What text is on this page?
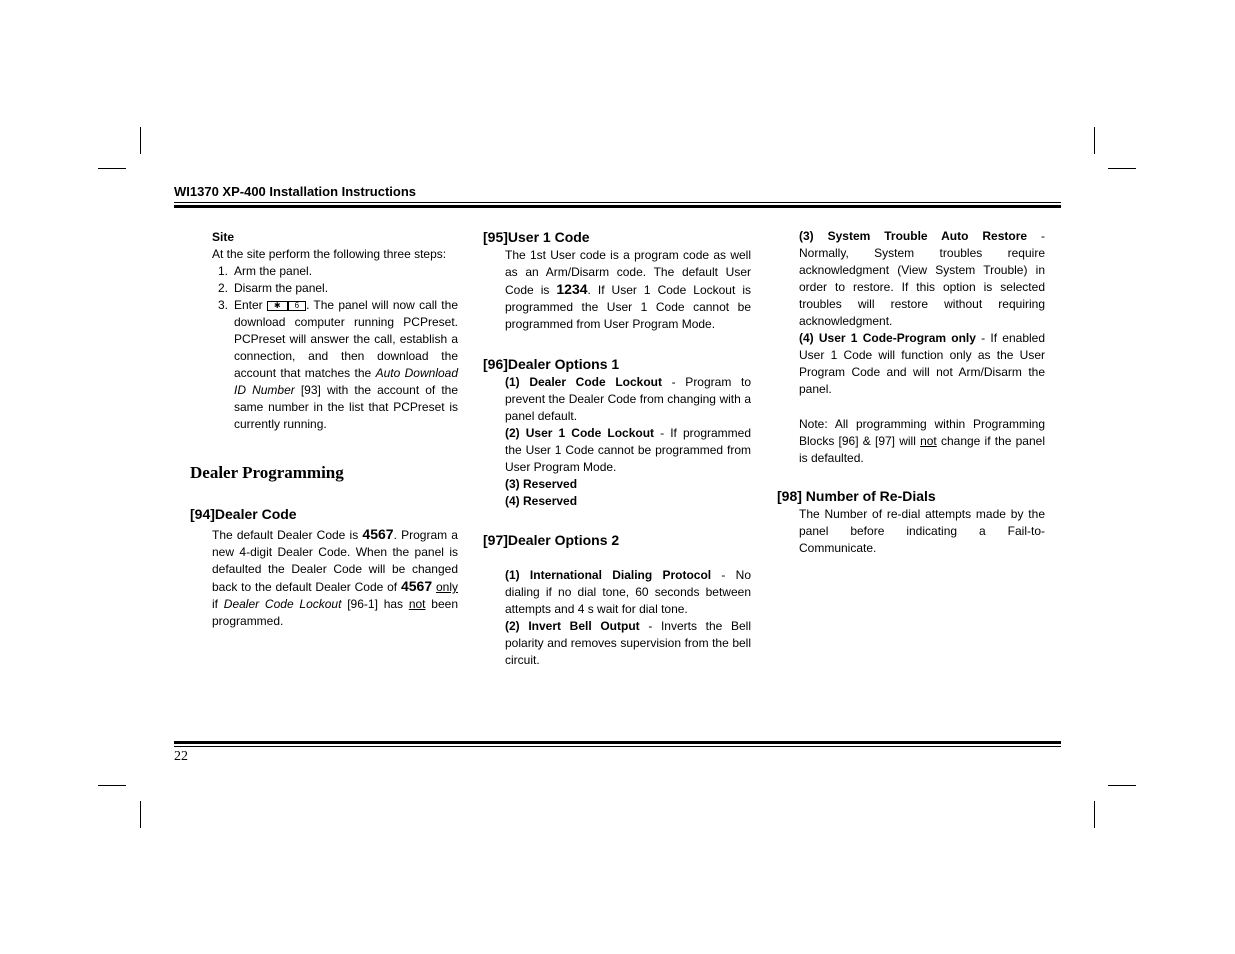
WI1370 XP-400 Installation Instructions
Site
At the site perform the following three steps:
1. Arm the panel.
2. Disarm the panel.
3. Enter ✱ 6 . The panel will now call the download computer running PCPreset. PCPreset will answer the call, establish a connection, and then download the account that matches the Auto Download ID Number [93] with the account of the same number in the list that PCPreset is currently running.
Dealer Programming
[94]Dealer Code
The default Dealer Code is 4567. Program a new 4-digit Dealer Code. When the panel is defaulted the Dealer Code will be changed back to the default Dealer Code of 4567 only if Dealer Code Lockout [96-1] has not been programmed.
[95]User 1 Code
The 1st User code is a program code as well as an Arm/Disarm code. The default User Code is 1234. If User 1 Code Lockout is programmed the User 1 Code cannot be programmed from User Program Mode.
[96]Dealer Options 1
(1) Dealer Code Lockout - Program to prevent the Dealer Code from changing with a panel default.
(2) User 1 Code Lockout - If programmed the User 1 Code cannot be programmed from User Program Mode.
(3) Reserved
(4) Reserved
[97]Dealer Options 2
(1) International Dialing Protocol - No dialing if no dial tone, 60 seconds between attempts and 4 s wait for dial tone.
(2) Invert Bell Output - Inverts the Bell polarity and removes supervision from the bell circuit.
(3) System Trouble Auto Restore - Normally, System troubles require acknowledgment (View System Trouble) in order to restore. If this option is selected troubles will restore without requiring acknowledgment.
(4) User 1 Code-Program only - If enabled User 1 Code will function only as the User Program Code and will not Arm/Disarm the panel.
Note: All programming within Programming Blocks [96] & [97] will not change if the panel is defaulted.
[98] Number of Re-Dials
The Number of re-dial attempts made by the panel before indicating a Fail-to-Communicate.
22
